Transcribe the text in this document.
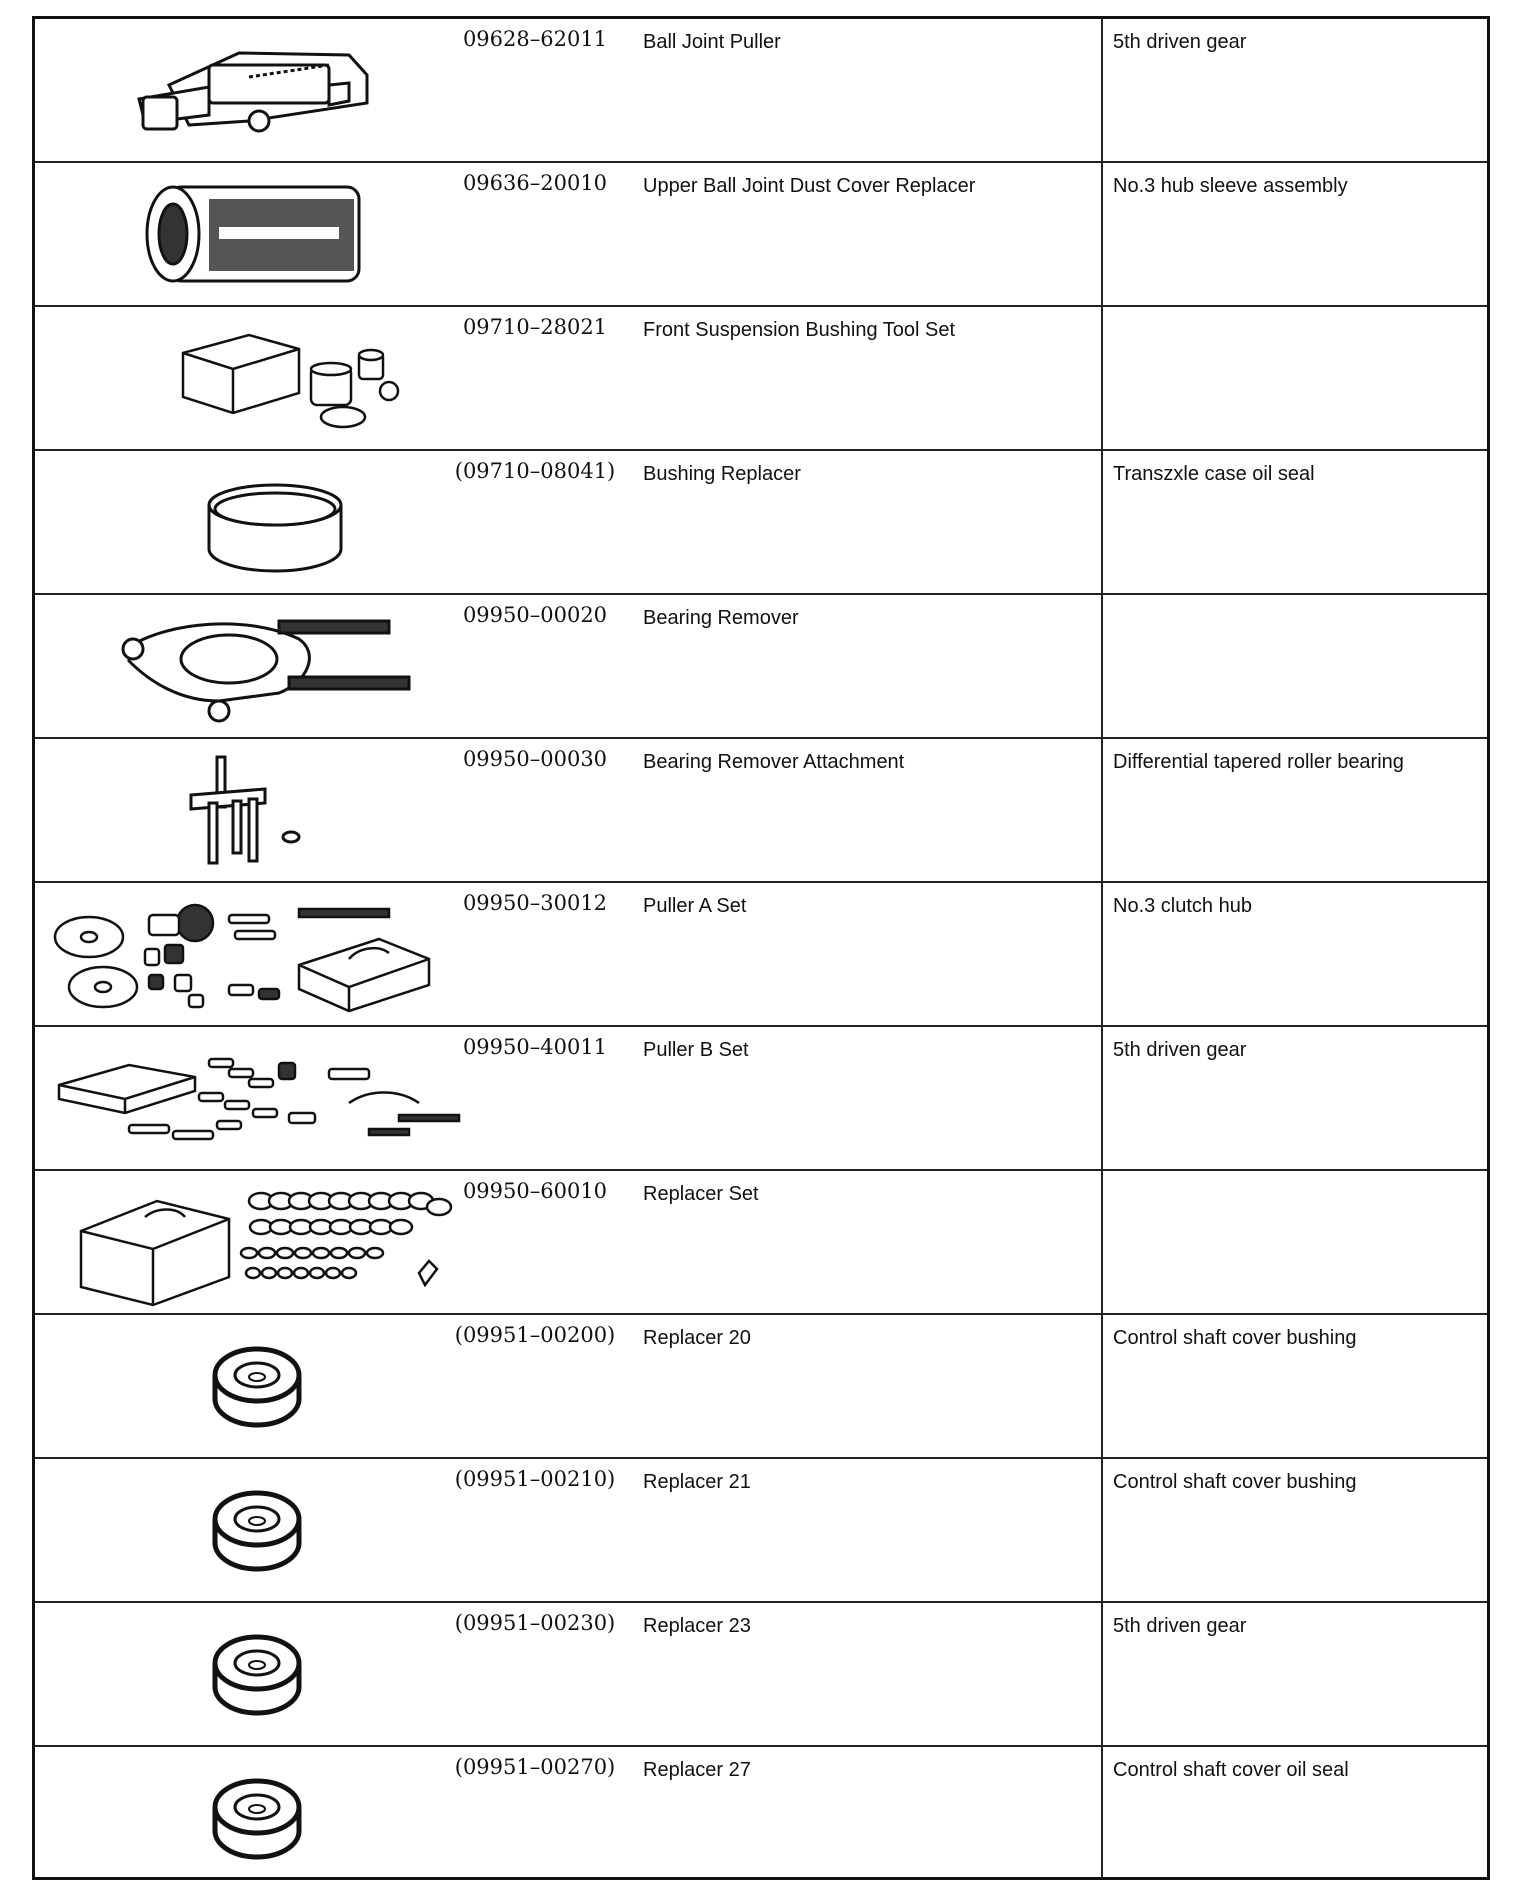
09628–62011	Ball Joint Puller	5th driven gear
09636–20010	Upper Ball Joint Dust Cover Replacer	No.3 hub sleeve assembly
09710–28021	Front Suspension Bushing Tool Set
(09710–08041)	Bushing Replacer	Transzxle case oil seal
09950–00020	Bearing Remover
09950–00030	Bearing Remover Attachment	Differential tapered roller bearing
09950–30012	Puller A Set	No.3 clutch hub
09950–40011	Puller B Set	5th driven gear
09950–60010	Replacer Set
(09951–00200)	Replacer 20	Control shaft cover bushing
(09951–00210)	Replacer 21	Control shaft cover bushing
(09951–00230)	Replacer 23	5th driven gear
(09951–00270)	Replacer 27	Control shaft cover oil seal
